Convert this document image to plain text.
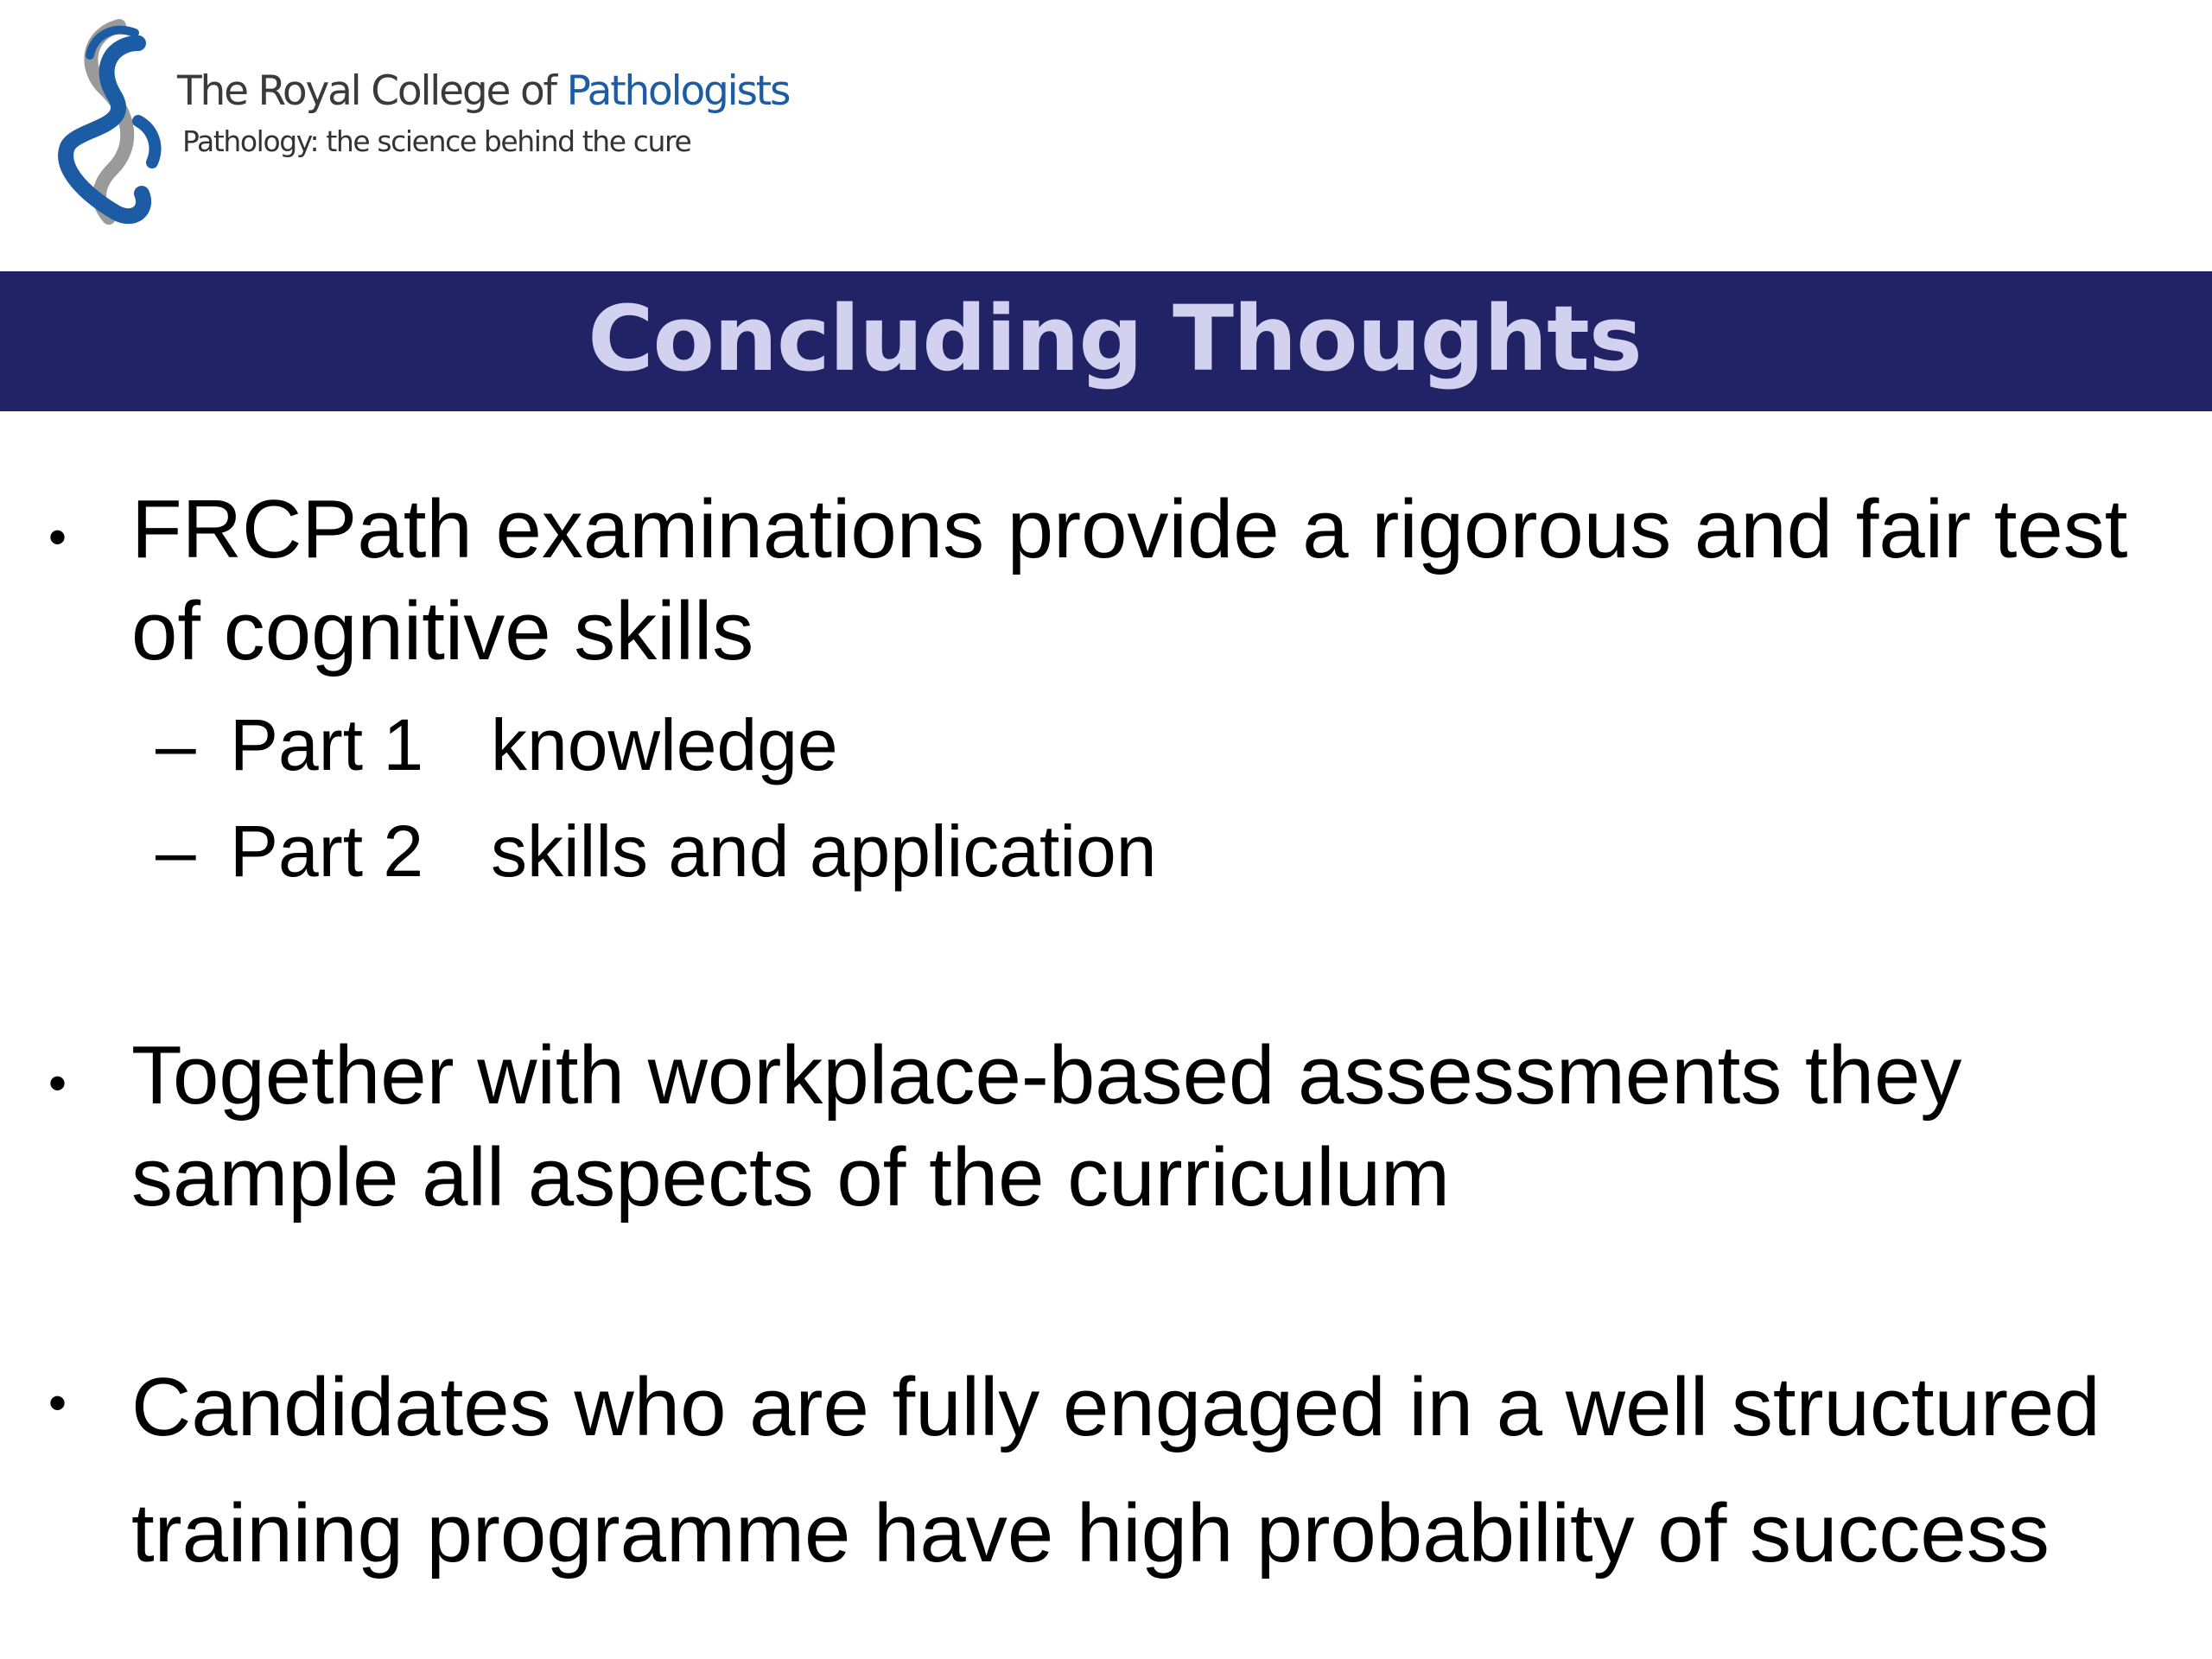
The Royal College of Pathologists
Pathology: the science behind the cure
Concluding Thoughts
• FRCPath examinations provide a rigorous and fair test of cognitive skills
– Part 1 knowledge
– Part 2 skills and application
• Together with workplace-based assessments they sample all aspects of the curriculum
• Candidates who are fully engaged in a well structured training programme have high probability of success
